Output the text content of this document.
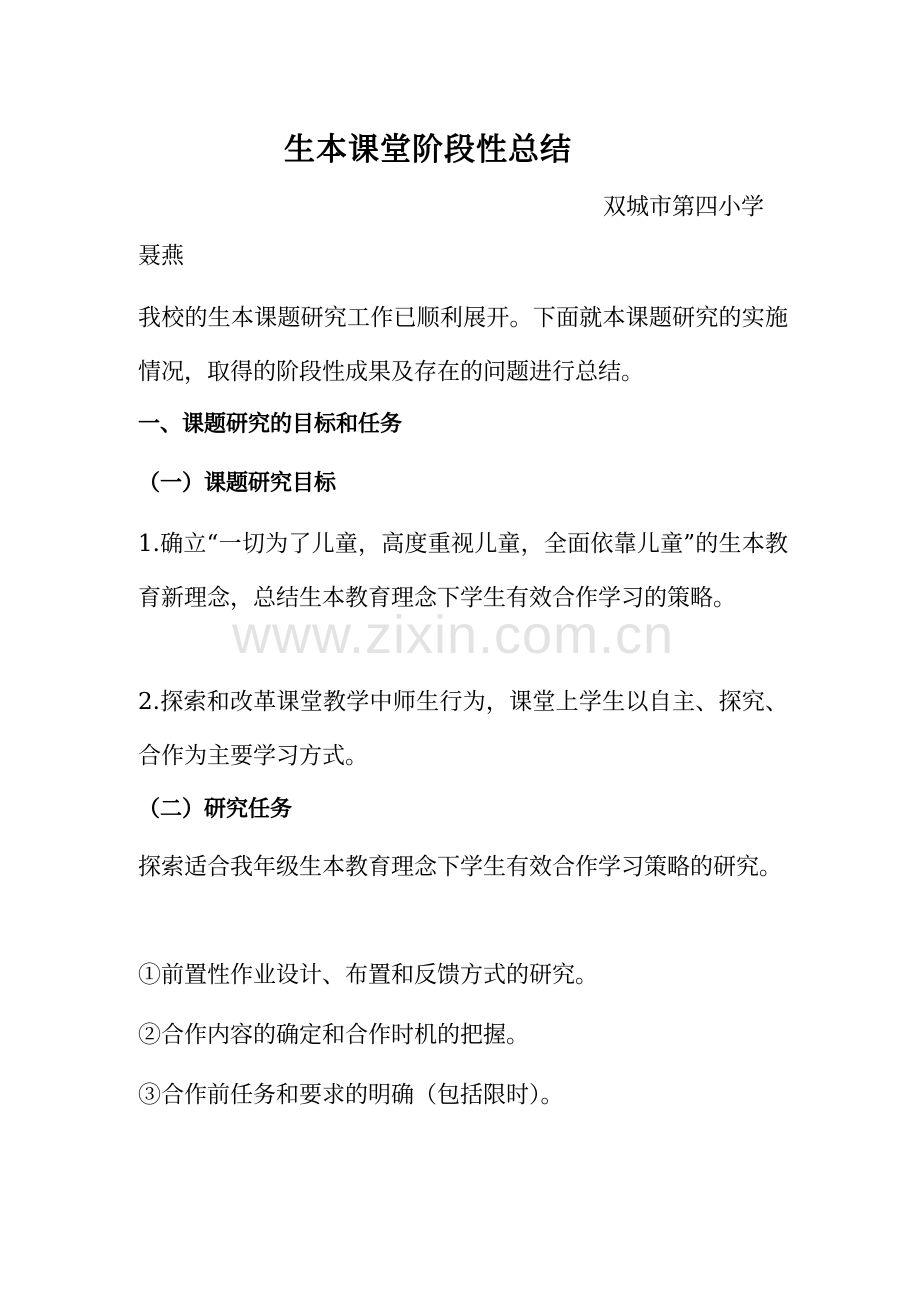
生本课堂阶段性总结
双城市第四小学

聂燕

我校的生本课题研究工作已顺利展开。下面就本课题研究的实施情况，取得的阶段性成果及存在的问题进行总结。

一、课题研究的目标和任务

（一）课题研究目标

1.确立“一切为了儿童，高度重视儿童，全面依靠儿童”的生本教育新理念，总结生本教育理念下学生有效合作学习的策略。

2.探索和改革课堂教学中师生行为，课堂上学生以自主、探究、合作为主要学习方式。

（二）研究任务

探索适合我年级生本教育理念下学生有效合作学习策略的研究。

①前置性作业设计、布置和反馈方式的研究。

②合作内容的确定和合作时机的把握。

③合作前任务和要求的明确（包括限时）。

www.zixin.com.cn
